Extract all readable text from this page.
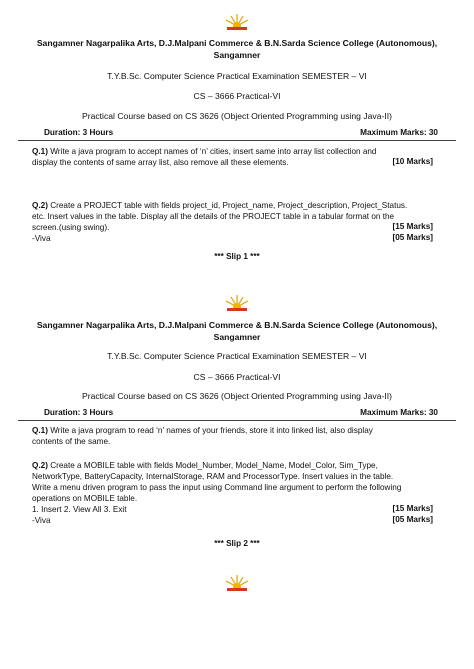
Sangamner Nagarpalika Arts, D.J.Malpani Commerce & B.N.Sarda Science College (Autonomous),
Sangamner
T.Y.B.Sc. Computer Science Practical Examination SEMESTER – VI
CS – 3666 Practical-VI
Practical Course based on CS 3626 (Object Oriented Programming using Java-II)
Duration: 3 Hours	Maximum Marks: 30
Q.1) Write a java program to accept names of ‘n’ cities, insert same into array list collection and
display the contents of same array list, also remove all these elements.	[10 Marks]
Q.2) Create a PROJECT table with fields project_id, Project_name, Project_description, Project_Status.
etc. Insert values in the table. Display all the details of the PROJECT table in a tabular format on the
screen.(using swing).
-Viva
[15 Marks]
[05 Marks]
*** Slip 1 ***
Sangamner Nagarpalika Arts, D.J.Malpani Commerce & B.N.Sarda Science College (Autonomous),
Sangamner
T.Y.B.Sc. Computer Science Practical Examination SEMESTER – VI
CS – 3666 Practical-VI
Practical Course based on CS 3626 (Object Oriented Programming using Java-II)
Duration: 3 Hours	Maximum Marks: 30
Q.1) Write a java program to read ‘n’ names of your friends, store it into linked list, also display
contents of the same.
Q.2) Create a MOBILE table with fields Model_Number, Model_Name, Model_Color, Sim_Type,
NetworkType, BatteryCapacity, InternalStorage, RAM and ProcessorType. Insert values in the table.
Write a menu driven program to pass the input using Command line argument to perform the following
operations on MOBILE table.
1. Insert 2. View All 3. Exit
-Viva
[15 Marks]
[05 Marks]
*** Slip 2 ***
